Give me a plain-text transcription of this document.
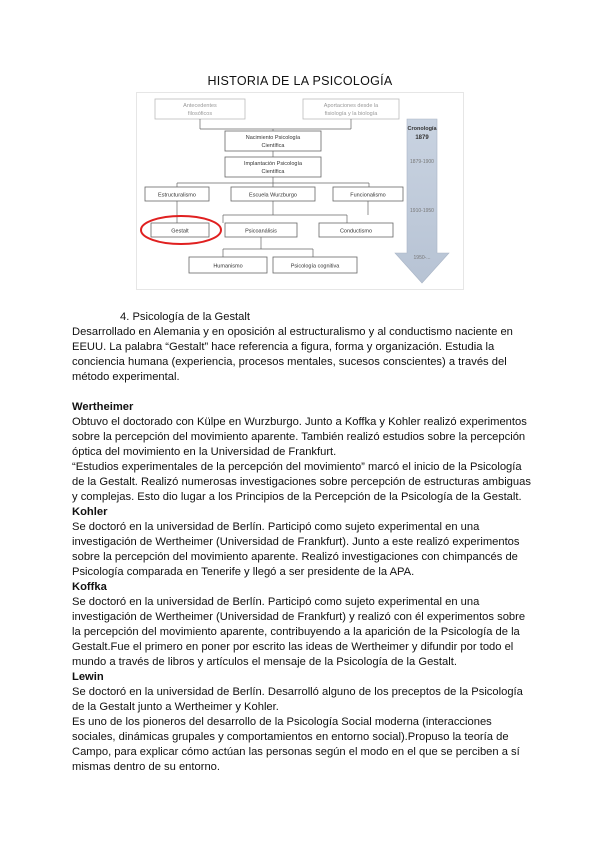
HISTORIA DE LA PSICOLOGÍA
Antecedentes
filosóficos
Aportaciones desde la
fisiología y la biología
Nacimiento Psicología
Científica
Implantación Psicología
Científica
Estructuralismo	Escuela Wurzburgo	Funcionalismo
Gestalt	Psicoanálisis	Conductismo
Humanismo	Psicología cognitiva
Cronología
1879
1879-1900
1910-1950
1950-...

4. Psicología de la Gestalt

Desarrollado en Alemania y en oposición al estructuralismo y al conductismo naciente en

EEUU. La palabra “Gestalt” hace referencia a figura, forma y organización. Estudia la

conciencia humana (experiencia, procesos mentales, sucesos conscientes) a través del

método experimental.

Wertheimer

Obtuvo el doctorado con Külpe en Wurzburgo. Junto a Koffka y Kohler realizó experimentos

sobre la percepción del movimiento aparente. También realizó estudios sobre la percepción

óptica del movimiento en la Universidad de Frankfurt.

“Estudios experimentales de la percepción del movimiento” marcó el inicio de la Psicología

de la Gestalt. Realizó numerosas investigaciones sobre percepción de estructuras ambiguas

y complejas. Esto dio lugar a los Principios de la Percepción de la Psicología de la Gestalt.

Kohler

Se doctoró en la universidad de Berlín. Participó como sujeto experimental en una

investigación de Wertheimer (Universidad de Frankfurt). Junto a este realizó experimentos

sobre la percepción del movimiento aparente. Realizó investigaciones con chimpancés de

Psicología comparada en Tenerife y llegó a ser presidente de la APA.

Koffka

Se doctoró en la universidad de Berlín. Participó como sujeto experimental en una

investigación de Wertheimer (Universidad de Frankfurt) y realizó con él experimentos sobre

la percepción del movimiento aparente, contribuyendo a la aparición de la Psicología de la

Gestalt.Fue el primero en poner por escrito las ideas de Wertheimer y difundir por todo el

mundo a través de libros y artículos el mensaje de la Psicología de la Gestalt.

Lewin

Se doctoró en la universidad de Berlín. Desarrolló alguno de los preceptos de la Psicología

de la Gestalt junto a Wertheimer y Kohler.

Es uno de los pioneros del desarrollo de la Psicología Social moderna (interacciones

sociales, dinámicas grupales y comportamientos en entorno social).Propuso la teoría de

Campo, para explicar cómo actúan las personas según el modo en el que se perciben a sí

mismas dentro de su entorno.
